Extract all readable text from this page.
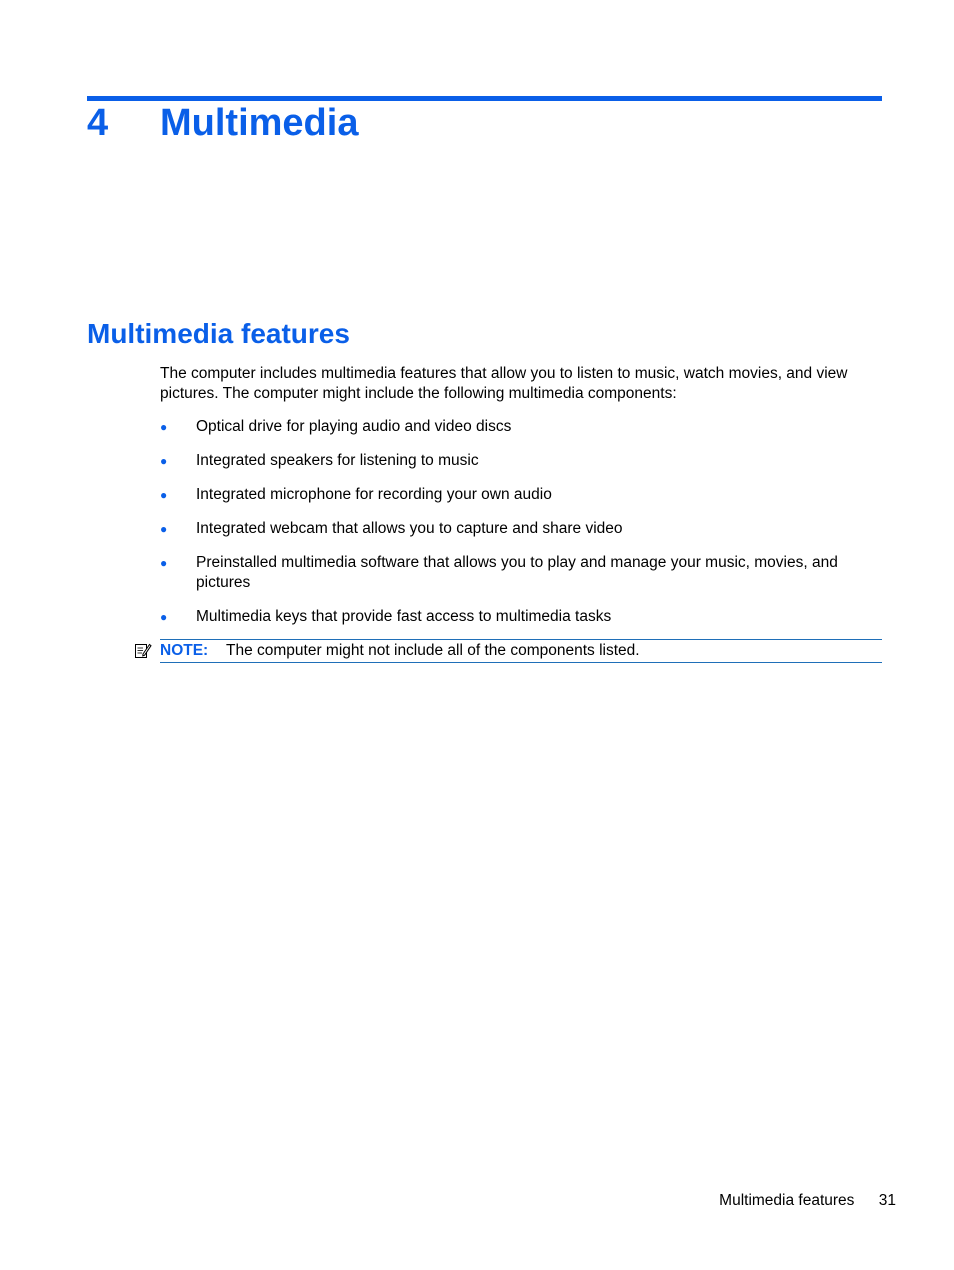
4	Multimedia
Multimedia features

The computer includes multimedia features that allow you to listen to music, watch movies, and view pictures. The computer might include the following multimedia components:

●	Optical drive for playing audio and video discs
●	Integrated speakers for listening to music
●	Integrated microphone for recording your own audio
●	Integrated webcam that allows you to capture and share video
●	Preinstalled multimedia software that allows you to play and manage your music, movies, and pictures
●	Multimedia keys that provide fast access to multimedia tasks
NOTE:	The computer might not include all of the components listed.
Multimedia features 31
